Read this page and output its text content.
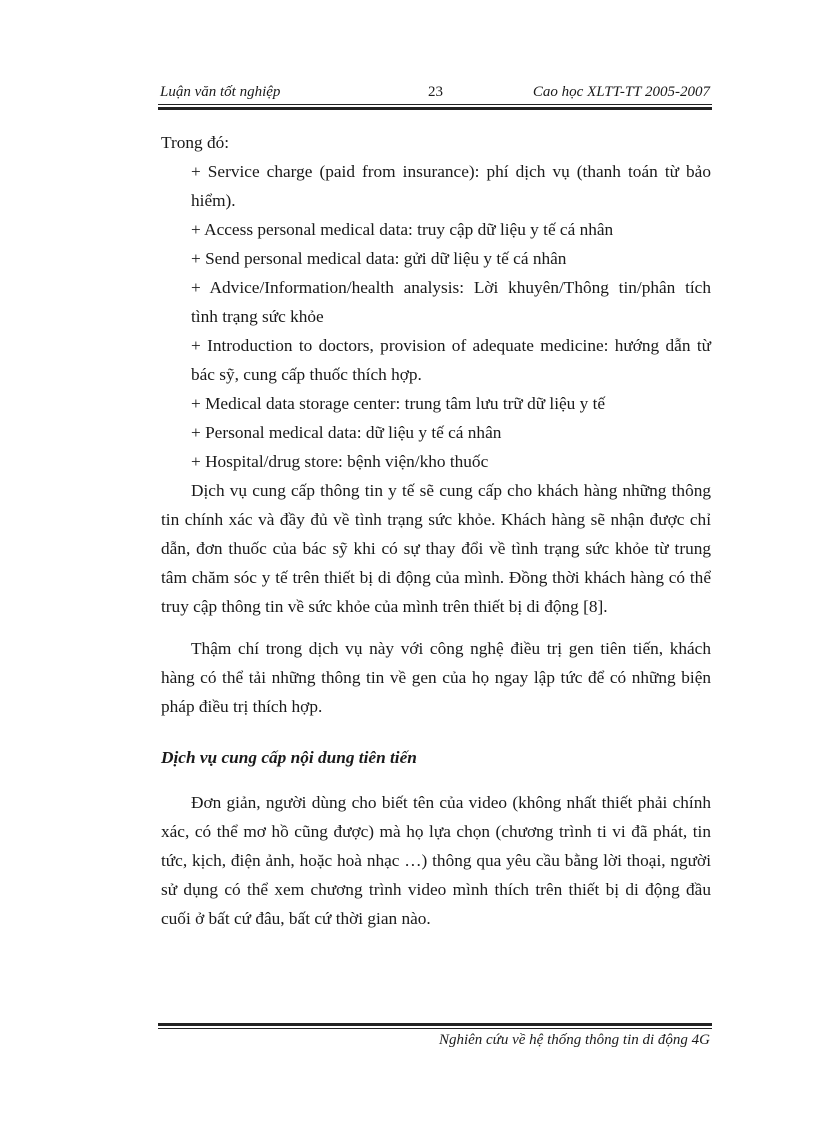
Luận văn tốt nghiệp	23	Cao học XLTT-TT 2005-2007

Trong đó:

+ Service charge (paid from insurance): phí dịch vụ (thanh toán từ bảo

hiểm).

+ Access personal medical data: truy cập dữ liệu y tế cá nhân

+ Send personal medical data: gửi dữ liệu y tế cá nhân

+ Advice/Information/health analysis: Lời khuyên/Thông tin/phân tích

tình trạng sức khỏe

+ Introduction to doctors, provision of adequate medicine: hướng dẫn từ

bác sỹ, cung cấp thuốc thích hợp.

+ Medical data storage center: trung tâm lưu trữ dữ liệu y tế

+ Personal medical data: dữ liệu y tế cá nhân

+ Hospital/drug store: bệnh viện/kho thuốc

Dịch vụ cung cấp thông tin y tế sẽ cung cấp cho khách hàng những thông

tin chính xác và đầy đủ về tình trạng sức khỏe. Khách hàng sẽ nhận được chỉ

dẫn, đơn thuốc của bác sỹ khi có sự thay đổi về tình trạng sức khỏe từ trung

tâm chăm sóc y tế trên thiết bị di động của mình. Đồng thời khách hàng có thể

truy cập thông tin về sức khỏe của mình trên thiết bị di động [8].

Thậm chí trong dịch vụ này với công nghệ điều trị gen tiên tiến, khách

hàng có thể tải những thông tin về gen của họ ngay lập tức để có những biện

pháp điều trị thích hợp.

Dịch vụ cung cấp nội dung tiên tiến

Đơn giản, người dùng cho biết tên của video (không nhất thiết phải chính

xác, có thể mơ hồ cũng được) mà họ lựa chọn (chương trình ti vi đã phát, tin

tức, kịch, điện ảnh, hoặc hoà nhạc …) thông qua yêu cầu bằng lời thoại, người

sử dụng có thể xem chương trình video mình thích trên thiết bị di động đầu

cuối ở bất cứ đâu, bất cứ thời gian nào.

Nghiên cứu về hệ thống thông tin di động 4G
